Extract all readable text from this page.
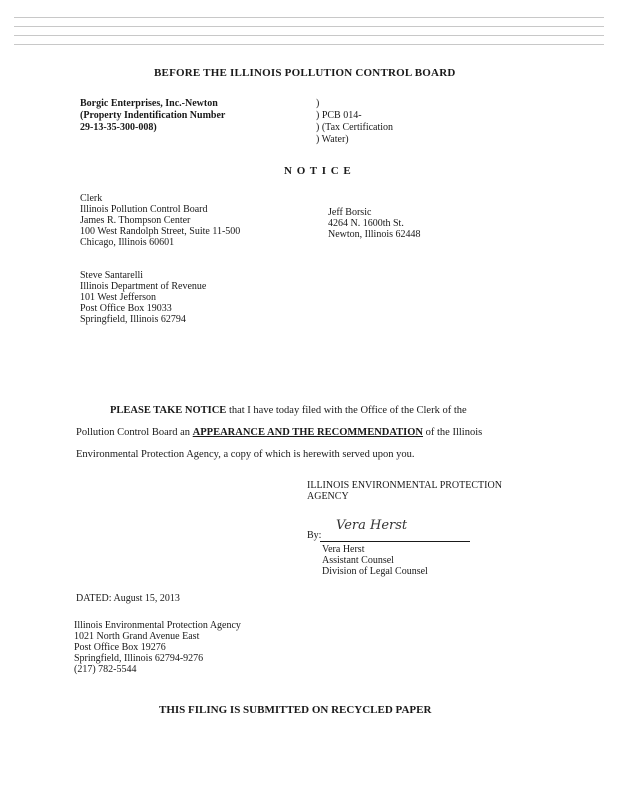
BEFORE THE ILLINOIS POLLUTION CONTROL BOARD
Borgic Enterprises, Inc.-Newton
(Property Indentification Number
29-13-35-300-008)
)
) PCB 014-
) (Tax Certification
) Water)
N O T I C E
Clerk
Illinois Pollution Control Board
James R. Thompson Center
100 West Randolph Street, Suite 11-500
Chicago, Illinois 60601
Jeff Borsic
4264 N. 1600th St.
Newton, Illinois 62448
Steve Santarelli
Illinois Department of Revenue
101 West Jefferson
Post Office Box 19033
Springfield, Illinois 62794
PLEASE TAKE NOTICE that I have today filed with the Office of the Clerk of the
Pollution Control Board an APPEARANCE AND THE RECOMMENDATION of the Illinois
Environmental Protection Agency, a copy of which is herewith served upon you.
ILLINOIS ENVIRONMENTAL PROTECTION
AGENCY
By:
Vera Herst
Vera Herst
Assistant Counsel
Division of Legal Counsel
DATED: August 15, 2013
Illinois Environmental Protection Agency
1021 North Grand Avenue East
Post Office Box 19276
Springfield, Illinois 62794-9276
(217) 782-5544
THIS FILING IS SUBMITTED ON RECYCLED PAPER
